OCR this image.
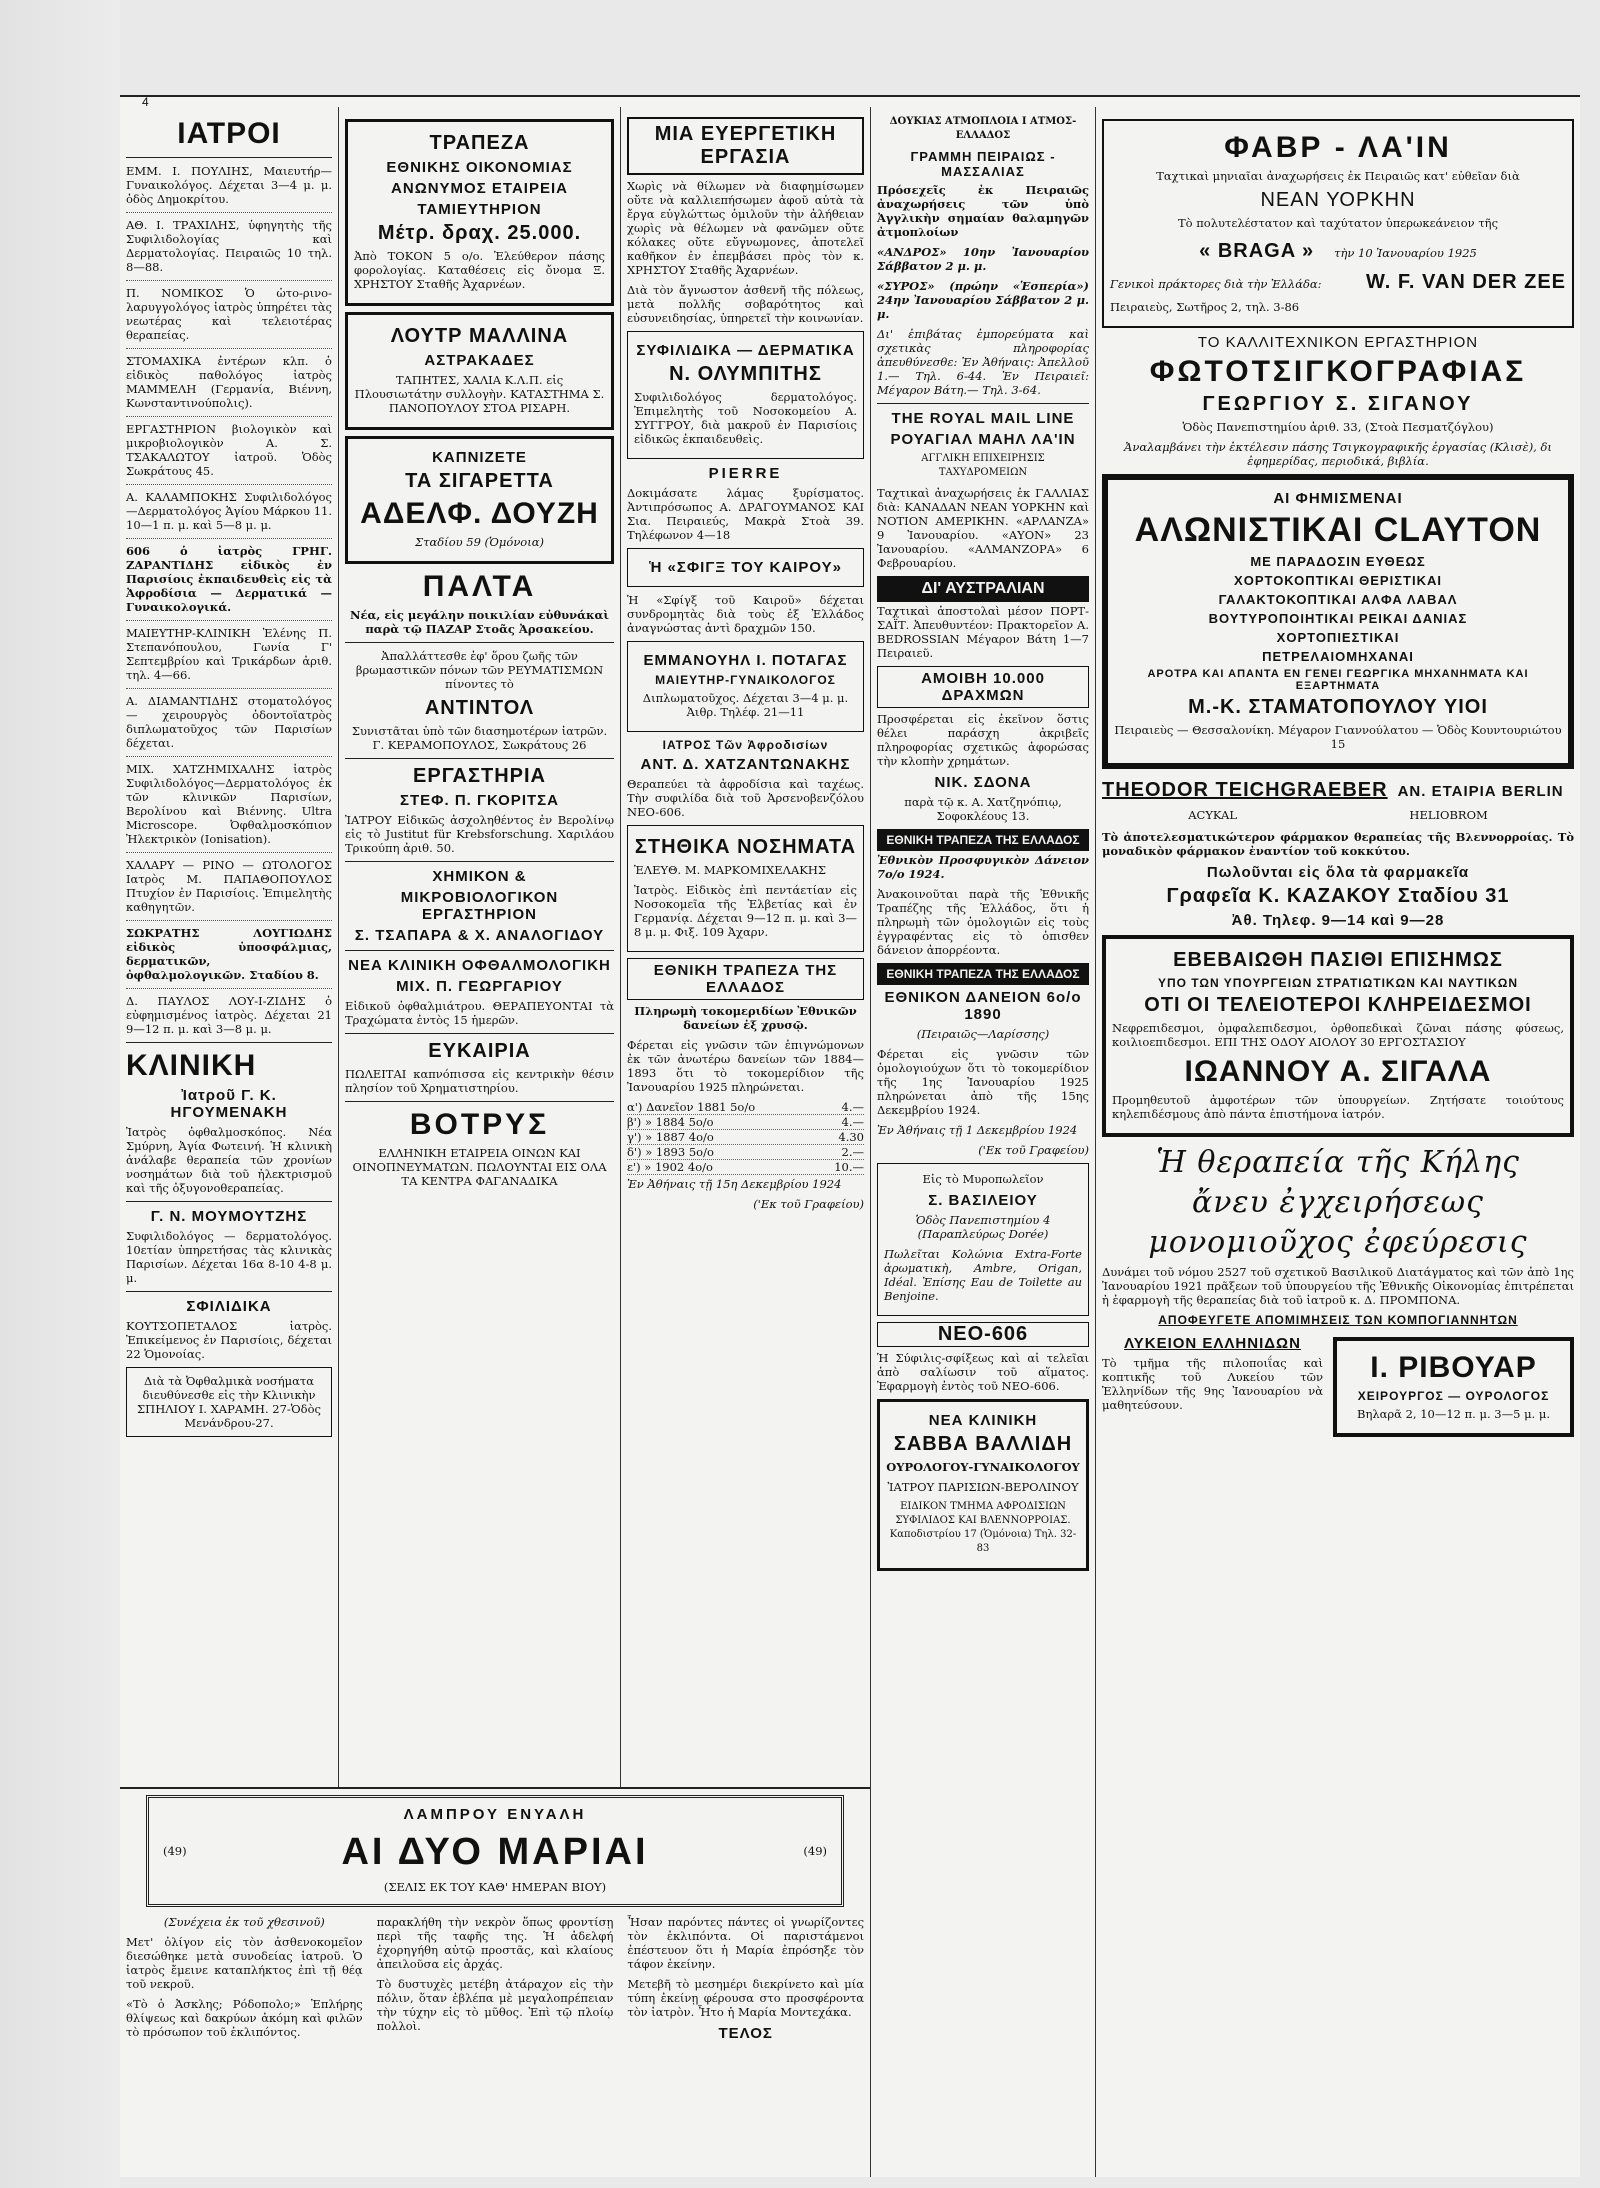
4
ΙΑΤΡΟΙ
ΕΜΜ. Ι. ΠΟΥΛΙΗΣ, Μαιευτήρ—Γυναικολόγος. Δέχεται 3—4 μ. μ. ὁδὸς Δημοκρίτου.
ΑΘ. Ι. ΤΡΑΧΙΛΗΣ, ὑφηγητὴς τῆς Συφιλιδολογίας καὶ Δερματολογίας. Πειραιῶς 10 τηλ. 8—88.
Π. ΝΟΜΙΚΟΣ Ὁ ὠτο-ρινο-λαρυγγολόγος ἰατρὸς ὑπηρέτει τὰς νεωτέρας καὶ τελειοτέρας θεραπείας.
ΣΤΟΜΑΧΙΚΑ ἐντέρων κλπ. ὁ εἰδικὸς παθολόγος ἰατρὸς ΜΑΜΜΕΛΗ (Γερμανία, Βιέννη, Κωνσταντινούπολις).
ΕΡΓΑΣΤΗΡΙΟΝ βιολογικὸν καὶ μικροβιολογικὸν Α. Σ. ΤΣΑΚΑΛΩΤΟΥ ἰατροῦ. Ὁδὸς Σωκράτους 45.
Α. ΚΑΛΑΜΠΟΚΗΣ Συφιλιδολόγος—Δερματολόγος Ἁγίου Μάρκου 11. 10—1 π. μ. καὶ 5—8 μ. μ.
606 ὁ ἰατρὸς ΓΡΗΓ. ΖΑΡΑΝΤΙΔΗΣ εἰδικὸς ἐν Παρισίοις ἐκπαιδευθεὶς εἰς τὰ Ἀφροδίσια — Δερματικά — Γυναικολογικά.
ΜΑΙΕΥΤΗΡ-ΚΛΙΝΙΚΗ Ἐλένης Π. Στεπανόπουλου, Γωνία Γ' Σεπτεμβρίου καὶ Τρικάρδων ἀριθ. τηλ. 4—66.
Α. ΔΙΑΜΑΝΤΙΔΗΣ στοματολόγος — χειρουργὸς ὀδοντοϊατρὸς διπλωματοῦχος τῶν Παρισίων δέχεται.
ΜΙΧ. ΧΑΤΖΗΜΙΧΑΛΗΣ ἰατρὸς Συφιλιδολόγος—Δερματολόγος ἐκ τῶν κλινικῶν Παρισίων, Βερολίνου καὶ Βιέννης. Ultra Microscope. Ὀφθαλμοσκόπιον Ἠλεκτρικὸν (Ionisation).
ΧΑΛΑΡΥ — ΡΙΝΟ — ΩΤΟΛΟΓΟΣ Ιατρὸς Μ. ΠΑΠΑΘΟΠΟΥΛΟΣ Πτυχίον ἐν Παρισίοις. Ἐπιμελητὴς καθηγητῶν.
ΣΩΚΡΑΤΗΣ ΛΟΥΓΙΩΔΗΣ εἰδικὸς ὑποσφάλμιας, δερματικῶν, ὀφθαλμολογικῶν. Σταδίου 8.
Δ. ΠΑΥΛΟΣ ΛΟΥ-Ι-ΖΙΔΗΣ ὁ εὐφημισμένος ἰατρὸς. Δέχεται 21 9—12 π. μ. καὶ 3—8 μ. μ.
ΚΛΙΝΙΚΗ
Ἰατροῦ Γ. Κ. ΗΓΟΥΜΕΝΑΚΗ
Ἰατρὸς ὀφθαλμοσκόπος. Νέα Σμύρνη, Ἀγία Φωτεινή. Ἡ κλινικὴ ἀνάλαβε θεραπεία τῶν χρονίων νοσημάτων διὰ τοῦ ἠλεκτρισμοῦ καὶ τῆς ὀξυγονοθεραπείας.
Γ. Ν. ΜΟΥΜΟΥΤΖΗΣ
Συφιλιδολόγος — δερματολόγος. 10ετίαν ὑπηρετήσας τὰς κλινικὰς Παρισίων. Δέχεται 16α 8-10 4-8 μ. μ.
ΣΦΙΛΙΔΙΚΑ
ΚΟΥΤΣΟΠΕΤΑΛΟΣ ἰατρὸς. Ἐπικείμενος ἐν Παρισίοις, δέχεται 22 Ὁμονοίας.
Διὰ τὰ Ὀφθαλμικὰ νοσήματα διευθύνεσθε εἰς τὴν Κλινικὴν ΣΠΗΛΙΟΥ Ι. ΧΑΡΑΜΗ. 27-Ὁδὸς Μενάνδρου-27.
ΤΡΑΠΕΖΑ
ΕΘΝΙΚΗΣ ΟΙΚΟΝΟΜΙΑΣ
ΑΝΩΝΥΜΟΣ ΕΤΑΙΡΕΙΑ
ΤΑΜΙΕΥΤΗΡΙΟΝ
Μέτρ. δραχ. 25.000.
Ἀπὸ ΤΟΚΟΝ 5 ο/ο. Ἐλεύθερον πάσης φορολογίας. Καταθέσεις εἰς ὄνομα Ξ. ΧΡΗΣΤΟΥ Σταθῆς Ἀχαρνέων.
ΛΟΥΤΡ ΜΑΛΛΙΝΑ
ΑΣΤΡΑΚΑΔΕΣ
ΤΑΠΗΤΕΣ, ΧΑΛΙΑ Κ.Λ.Π. εἰς Πλουσιωτάτην συλλογὴν. ΚΑΤΑΣΤΗΜΑ Σ. ΠΑΝΟΠΟΥΛΟΥ ΣΤΟΑ ΡΙΣΑΡΗ.
ΚΑΠΝΙΖΕΤΕ
ΤΑ ΣΙΓΑΡΕΤΤΑ
ΑΔΕΛΦ. ΔΟΥΖΗ
Σταδίου 59 (Ὁμόνοια)
ΠΑΛΤΑ
Νέα, εἰς μεγάλην ποικιλίαν εὐθυνάκαὶ παρὰ τῷ ΠΑΖΑΡ Στοᾶς Ἀρσακείου.
Ἀπαλλάττεσθε ἐφ' ὅρου ζωῆς τῶν βρωμαστικῶν πόνων τῶν ΡΕΥΜΑΤΙΣΜΩΝ πίνοντες τὸ
ΑΝΤΙΝΤΟΛ
Συνιστᾶται ὑπὸ τῶν διασημοτέρων ἰατρῶν. Γ. ΚΕΡΑΜΟΠΟΥΛΟΣ, Σωκράτους 26
ΕΡΓΑΣΤΗΡΙΑ
ΣΤΕΦ. Π. ΓΚΟΡΙΤΣΑ
ἸΑΤΡΟΥ Εἰδικῶς ἀσχοληθέντος ἐν Βερολίνῳ εἰς τὸ Justitut für Krebsforschung. Χαριλάου Τρικούπη ἀριθ. 50.
ΧΗΜΙΚΟΝ &
ΜΙΚΡΟΒΙΟΛΟΓΙΚΟΝ ΕΡΓΑΣΤΗΡΙΟΝ
Σ. ΤΣΑΠΑΡΑ & Χ. ΑΝΑΛΟΓΙΔΟΥ
ΝΕΑ ΚΛΙΝΙΚΗ ΟΦΘΑΛΜΟΛΟΓΙΚΗ
ΜΙΧ. Π. ΓΕΩΡΓΑΡΙΟΥ
Εἰδικοῦ ὀφθαλμιάτρου. ΘΕΡΑΠΕΥΟΝΤΑΙ τὰ Τραχώματα ἐντὸς 15 ἡμερῶν.
ΕΥΚΑΙΡΙΑ
ΠΩΛΕΙΤΑΙ καπνόπισσα εἰς κεντρικὴν θέσιν πλησίον τοῦ Χρηματιστηρίου.
ΒΟΤΡΥΣ
ΕΛΛΗΝΙΚΗ ΕΤΑΙΡΕΙΑ ΟΙΝΩΝ ΚΑΙ ΟΙΝΟΠΝΕΥΜΑΤΩΝ. ΠΩΛΟΥΝΤΑΙ ΕΙΣ ΟΛΑ ΤΑ ΚΕΝΤΡΑ ΦΑΓΑΝΑΔΙΚΑ
ΜΙΑ ΕΥΕΡΓΕΤΙΚΗ ΕΡΓΑΣΙΑ
Χωρὶς νὰ θίλωμεν νὰ διαφημίσωμεν οὔτε νὰ καλλιεπήσωμεν ἀφοῦ αὐτὰ τὰ ἔργα εὐγλώττως ὁμιλοῦν τὴν ἀλήθειαν χωρὶς νὰ θέλωμεν νὰ φανῶμεν οὔτε κόλακες οὔτε εὔγνωμονες, ἀποτελεῖ καθῆκον ἐν ἐπεμβάσει πρὸς τὸν κ. ΧΡΗΣΤΟΥ Σταθῆς Ἀχαρνέων.
Διὰ τὸν ἄγνωστον ἀσθενῆ τῆς πόλεως, μετὰ πολλῆς σοβαρότητος καὶ εὐσυνειδησίας, ὑπηρετεῖ τὴν κοινωνίαν.
ΣΥΦΙΛΙΔΙΚΑ — ΔΕΡΜΑΤΙΚΑ
Ν. ΟΛΥΜΠΙΤΗΣ
Συφιλιδολόγος δερματολόγος. Ἐπιμελητὴς τοῦ Νοσοκομείου Α. ΣΥΓΓΡΟΥ, διὰ μακροῦ ἐν Παρισίοις εἰδικῶς ἐκπαιδευθεὶς.
PIERRE
Δοκιμάσατε λάμας ξυρίσματος. Ἀντιπρόσωπος Α. ΔΡΑΓΟΥΜΑΝΟΣ ΚΑΙ Σια. Πειραιεύς, Μακρὰ Στοὰ 39. Τηλέφωνον 4—18
Ἡ «ΣΦΙΓΞ ΤΟΥ ΚΑΙΡΟΥ»
Ἡ «Σφίγξ τοῦ Καιροῦ» δέχεται συνδρομητὰς διὰ τοὺς ἐξ Ἑλλάδος ἀναγνώστας ἀντὶ δραχμῶν 150.
ΕΜΜΑΝΟΥΗΛ Ι. ΠΟΤΑΓΑΣ
ΜΑΙΕΥΤΗΡ-ΓΥΝΑΙΚΟΛΟΓΟΣ
Διπλωματοῦχος. Δέχεται 3—4 μ. μ. Ἀιθρ. Τηλέφ. 21—11
ΙΑΤΡΟΣ Τῶν Ἀφροδισίων
ΑΝΤ. Δ. ΧΑΤΖΑΝΤΩΝΑΚΗΣ
Θεραπεύει τὰ ἀφροδίσια καὶ ταχέως. Τὴν συφιλίδα διὰ τοῦ Ἀρσενοβενζόλου NEO-606.
ΣΤΗΘΙΚΑ ΝΟΣΗΜΑΤΑ
ἘΛΕΥΘ. Μ. ΜΑΡΚΟΜΙΧΕΛΑΚΗΣ
Ἰατρὸς. Εἰδικὸς ἐπὶ πεντάετίαν εἰς Νοσοκομεῖα τῆς Ἑλβετίας καὶ ἐν Γερμανίᾳ. Δέχεται 9—12 π. μ. καὶ 3—8 μ. μ. Φιξ. 109 Ἀχαρν.
ΕΘΝΙΚΗ ΤΡΑΠΕΖΑ ΤΗΣ ΕΛΛΑΔΟΣ
Πληρωμὴ τοκομεριδίων Ἐθνικῶν δανείων ἐξ χρυσῷ.
Φέρεται εἰς γνῶσιν τῶν ἐπιγνώμονων ἐκ τῶν ἀνωτέρω δανείων τῶν 1884—1893 ὅτι τὸ τοκομερίδιον τῆς Ἰανουαρίου 1925 πληρώνεται.
α') Δανεῖον 1881 5ο/ο	4.—
β') » 1884 5ο/ο	4.—
γ') » 1887 4ο/ο	4.30
δ') » 1893 5ο/ο	2.—
ε') » 1902 4ο/ο	10.—
Ἐν Ἀθήναις τῇ 15η Δεκεμβρίου 1924
('Εκ τοῦ Γραφείου)
ΔΟΥΚΙΑΣ ΑΤΜΟΠΛΟΙΑ Ι ΑΤΜΟΣ-ΕΛΛΑΔΟΣ
ΓΡΑΜΜΗ ΠΕΙΡΑΙΩΣ - ΜΑΣΣΑΛΙΑΣ
Πρόσεχεῖς ἐκ Πειραιῶς ἀναχωρήσεις τῶν ὑπὸ Ἀγγλικὴν σημαίαν θαλαμηγῶν ἀτμοπλοίων
«ΑΝΔΡΟΣ» 10ην Ἰανουαρίου Σάββατον 2 μ. μ.
«ΣΥΡΟΣ» (πρώην «Ἑσπερία») 24ην Ἰανουαρίου Σάββατον 2 μ. μ.
Δι' ἐπιβάτας ἐμπορεύματα καὶ σχετικὰς πληροφορίας ἀπευθύνεσθε: Ἐν Ἀθήναις: Ἀπελλοῦ 1.— Τηλ. 6-44. Ἐν Πειραιεῖ: Μέγαρον Βάτη.— Τηλ. 3-64.
THE ROYAL MAIL LINE
ΡΟΥΑΓΙΑΛ ΜΑΗΛ ΛΑ'ΙΝ
ΑΓΓΛΙΚΗ ΕΠΙΧΕΙΡΗΣΙΣ ΤΑΧΥΔΡΟΜΕΙΩΝ
Ταχτικαὶ ἀναχωρήσεις ἐκ ΓΑΛΛΙΑΣ διὰ: ΚΑΝΑΔΑΝ ΝΕΑΝ ΥΟΡΚΗΝ καὶ ΝΟΤΙΟΝ ΑΜΕΡΙΚΗΝ. «ΑΡΛΑΝΖΑ» 9 Ἰανουαρίου. «ΑΥΟΝ» 23 Ἰανουαρίου. «ΑΛΜΑΝΖΟΡΑ» 6 Φεβρουαρίου.
ΔΙ' ΑΥΣΤΡΑΛΙΑΝ
Ταχτικαὶ ἀποστολαὶ μέσον ΠΟΡΤ-ΣΑΪΤ. Ἀπευθυντέον: Πρακτορεῖον Α. BEDROSSIAN Μέγαρον Βάτη 1—7 Πειραιεῦ.
ΑΜΟΙΒΗ 10.000 ΔΡΑΧΜΩΝ
Προσφέρεται εἰς ἐκεῖνον ὅστις θέλει παράσχη ἀκριβεῖς πληροφορίας σχετικῶς ἀφορώσας τὴν κλοπὴν χρημάτων.
ΝΙΚ. ΣΔΟΝΑ
παρὰ τῷ κ. Α. Χατζηνόπιῳ, Σοφοκλέους 13.
ΕΘΝΙΚΗ ΤΡΑΠΕΖΑ ΤΗΣ ΕΛΛΑΔΟΣ
Ἐθνικὸν Προσφυγικὸν Δάνειον 7ο/ο 1924.
Ἀνακοινοῦται παρὰ τῆς Ἐθνικῆς Τραπέζης τῆς Ἑλλάδος, ὅτι ἡ πληρωμὴ τῶν ὁμολογιῶν εἰς τοὺς ἐγγραφέντας εἰς τὸ ὀπισθεν δάνειον ἀπορρέοντα.
ΕΘΝΙΚΗ ΤΡΑΠΕΖΑ ΤΗΣ ΕΛΛΑΔΟΣ
ΕΘΝΙΚΟΝ ΔΑΝΕΙΟΝ 6ο/ο 1890
(Πειραιῶς—Λαρίσσης)
Φέρεται εἰς γνῶσιν τῶν ὁμολογιούχων ὅτι τὸ τοκομερίδιον τῆς 1ης Ἰανουαρίου 1925 πληρώνεται ἀπὸ τῆς 15ης Δεκεμβρίου 1924.
Ἐν Ἀθήναις τῇ 1 Δεκεμβρίου 1924
('Εκ τοῦ Γραφείου)
Εἰς τὸ Μυροπωλεῖον
Σ. ΒΑΣΙΛΕΙΟΥ
Ὁδὸς Πανεπιστημίου 4 (Παραπλεύρως Dorée)
Πωλεῖται Κολώνια Extra-Forte ἀρωματικὴ, Ambre, Origan, Idéal. Ἐπίσης Eau de Toilette au Benjoine.
ΝΕΟ-606
Ἡ Σύφιλις-σφίξεως καὶ αἱ τελεῖαι ἀπὸ σαλίωσιν τοῦ αἵματος. Ἐφαρμογὴ ἐντὸς τοῦ NEO-606.
ΝΕΑ ΚΛΙΝΙΚΗ
ΣΑΒΒΑ ΒΑΛΛΙΔΗ
ΟΥΡΟΛΟΓΟΥ-ΓΥΝΑΙΚΟΛΟΓΟΥ
ἸΑΤΡΟΥ ΠΑΡΙΣΙΩΝ-ΒΕΡΟΛΙΝΟΥ
ΕΙΔΙΚΟΝ ΤΜΗΜΑ ΑΦΡΟΔΙΣΙΩΝ ΣΥΦΙΛΙΔΟΣ ΚΑΙ ΒΛΕΝΝΟΡΡΟΙΑΣ. Καποδιστρίου 17 (Ὁμόνοια) Τηλ. 32-83
ΦΑΒΡ - ΛΑ'ΙΝ
Ταχτικαὶ μηνιαῖαι ἀναχωρήσεις ἐκ Πειραιῶς κατ' εὐθεῖαν διὰ
ΝΕΑΝ ΥΟΡΚΗΝ
Τὸ πολυτελέστατον καὶ ταχύτατον ὑπερωκεάνειον τῆς
« BRAGA » τὴν 10 Ἰανουαρίου 1925
Γενικοὶ πράκτορες διὰ τὴν Ἑλλάδα: W. F. VAN DER ZEE
Πειραιεὺς, Σωτῆρος 2, τηλ. 3-86
ΤΟ ΚΑΛΛΙΤΕΧΝΙΚΟΝ ΕΡΓΑΣΤΗΡΙΟΝ
ΦΩΤΟΤΣΙΓΚΟΓΡΑΦΙΑΣ
ΓΕΩΡΓΙΟΥ Σ. ΣΙΓΑΝΟΥ
Ὁδὸς Πανεπιστημίου ἀριθ. 33, (Στοὰ Πεσματζόγλου)
Ἀναλαμβάνει τὴν ἐκτέλεσιν πάσης Τσιγκογραφικῆς ἐργασίας (Κλισὲ), δι ἐφημερίδας, περιοδικά, βιβλία.
ΑΙ ΦΗΜΙΣΜΕΝΑΙ
ΑΛΩΝΙΣΤΙΚΑΙ CLAYTON
ΜΕ ΠΑΡΑΔΟΣΙΝ ΕΥΘΕΩΣ
ΧΟΡΤΟΚΟΠΤΙΚΑΙ ΘΕΡΙΣΤΙΚΑΙ
ΓΑΛΑΚΤΟΚΟΠΤΙΚΑΙ ΑΛΦΑ ΛΑΒΑΛ
ΒΟΥΤΥΡΟΠΟΙΗΤΙΚΑΙ ΡΕΙΚΑΙ ΔΑΝΙΑΣ
ΧΟΡΤΟΠΙΕΣΤΙΚΑΙ
ΠΕΤΡΕΛΑΙΟΜΗΧΑΝΑΙ
ΑΡΟΤΡΑ ΚΑΙ ΑΠΑΝΤΑ ΕΝ ΓΕΝΕΙ ΓΕΩΡΓΙΚΑ ΜΗΧΑΝΗΜΑΤΑ ΚΑΙ ΕΞΑΡΤΗΜΑΤΑ
Μ.-Κ. ΣΤΑΜΑΤΟΠΟΥΛΟΥ ΥΙΟΙ
Πειραιεὺς — Θεσσαλονίκη. Μέγαρον Γιαννούλατου — Ὁδὸς Κουντουριώτου 15
THEODOR TEICHGRAEBER ΑΝ. ΕΤΑΙΡΙΑ BERLIN
ACYKAL	HELIOBROM
Τὸ ἀποτελεσματικώτερον φάρμακον θεραπείας τῆς Βλεννορροίας. Τὸ μοναδικὸν φάρμακον ἐναντίον τοῦ κοκκύτου.
Πωλοῦνται εἰς ὅλα τὰ φαρμακεῖα
Γραφεῖα Κ. ΚΑΖΑΚΟΥ Σταδίου 31
Ἀθ. Τηλεφ. 9—14 καὶ 9—28
ΕΒΕΒΑΙΩΘΗ ΠΑΣΙΘΙ ΕΠΙΣΗΜΩΣ
ΥΠΟ ΤΩΝ ΥΠΟΥΡΓΕΙΩΝ ΣΤΡΑΤΙΩΤΙΚΩΝ ΚΑΙ ΝΑΥΤΙΚΩΝ
ΟΤΙ ΟΙ ΤΕΛΕΙΟΤΕΡΟΙ ΚΛΗΡΕΙΔΕΣΜΟΙ
Νεφρεπιδεσμοι, ὀμφαλεπιδεσμοι, ὀρθοπεδικαὶ ζῶναι πάσης φύσεως, κοιλιοεπιδεσμοι. ΕΠΙ ΤΗΣ ΟΔΟΥ ΑΙΟΛΟΥ 30 ΕΡΓΟΣΤΑΣΙΟΥ
ΙΩΑΝΝΟΥ Α. ΣΙΓΑΛΑ
Προμηθευτοῦ ἀμφοτέρων τῶν ὑπουργείων. Ζητήσατε τοιούτους κηλεπιδέσμους ἀπὸ πάντα ἐπιστήμονα ἰατρόν.
Ἡ θεραπεία τῆς Κήλης
ἄνευ ἐγχειρήσεως
μονομιοῦχος ἐφεύρεσις
Δυνάμει τοῦ νόμου 2527 τοῦ σχετικοῦ Βασιλικοῦ Διατάγματος καὶ τῶν ἀπὸ 1ης Ἰανουαρίου 1921 πρᾶξεων τοῦ ὑπουργείου τῆς Ἐθνικῆς Οἰκονομίας ἐπιτρέπεται ἡ ἐφαρμογὴ τῆς θεραπείας διὰ τοῦ ἰατροῦ κ. Δ. ΠΡΟΜΠΟΝΑ.
ΑΠΟΦΕΥΓΕΤΕ ΑΠΟΜΙΜΗΣΕΙΣ ΤΩΝ ΚΟΜΠΟΓΙΑΝΝΗΤΩΝ
ΛΥΚΕΙΟΝ ΕΛΛΗΝΙΔΩΝ
Τὸ τμῆμα τῆς πιλοποιΐας καὶ κοπτικῆς τοῦ Λυκείου τῶν Ἑλληνίδων τῆς 9ης Ἰανουαρίου νὰ μαθητεύσουν.
Ι. ΡΙΒΟΥΑΡ
ΧΕΙΡΟΥΡΓΟΣ — ΟΥΡΟΛΟΓΟΣ
Βηλαρᾶ 2, 10—12 π. μ. 3—5 μ. μ.
ΛΑΜΠΡΟΥ ΕΝΥΑΛΗ
(49)	ΑΙ ΔΥΟ ΜΑΡΙΑΙ	(49)
(ΣΕΛΙΣ ΕΚ ΤΟΥ ΚΑΘ' ΗΜΕΡΑΝ ΒΙΟΥ)
(Συνέχεια ἐκ τοῦ χθεσινοῦ)
Μετ' ὀλίγον εἰς τὸν ἀσθενοκομεῖον διεσώθηκε μετὰ συνοδείας ἰατροῦ. Ὁ ἰατρὸς ἔμεινε καταπλήκτος ἐπὶ τῇ θέᾳ τοῦ νεκροῦ.
«Τὸ ὁ Ἀσκλης; Ρόδοπολο;» Ἐπλήρης θλίψεως καὶ δακρύων ἀκόμη καὶ φιλῶν τὸ πρόσωπον τοῦ ἐκλιπόντος.
παρακλήθη τὴν νεκρὸν ὅπως φροντίσῃ περὶ τῆς ταφῆς της. Ἡ ἀδελφή ἐχορηγήθη αὐτῷ προστᾶς, καὶ κλαίους ἀπειλοῦσα εἰς ἀρχάς.
Τὸ δυστυχὲς μετέβη ἀτάραχον εἰς τὴν πόλιν, ὅταν ἐβλέπα μὲ μεγαλοπρέπειαν τὴν τύχην εἰς τὸ μῦθος. Ἐπὶ τῷ πλοίῳ πολλοὶ.
Ἦσαν παρόντες πάντες οἱ γνωρίζοντες τὸν ἐκλιπόντα. Οἱ παριστάμενοι ἐπέστευον ὅτι ἡ Μαρία ἐπρόσηξε τὸν τάφον ἐκείνην.
Μετεβῆ τὸ μεσημέρι διεκρίνετο καὶ μία τύπη ἐκείνῃ φέρουσα στο προσφέροντα τὸν ἰατρὸν. Ἦτο ἡ Μαρία Μοντεχάκα.
ΤΕΛΟΣ
